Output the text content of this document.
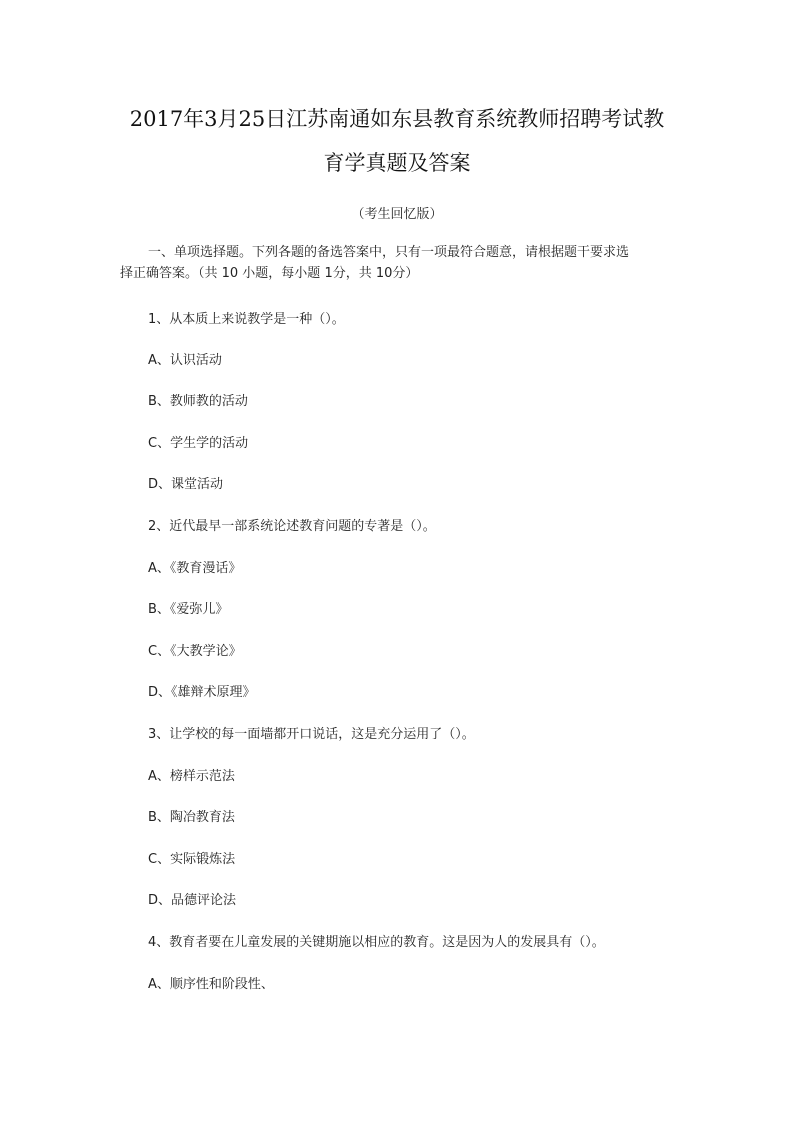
2017年3月25日江苏南通如东县教育系统教师招聘考试教
育学真题及答案
（考生回忆版）
一、单项选择题。下列各题的备选答案中，只有一项最符合题意，请根据题干要求选
择正确答案。（共 10 小题，每小题 1分，共 10分）
1、从本质上来说教学是一种（）。
A、认识活动
B、教师教的活动
C、学生学的活动
D、课堂活动
2、近代最早一部系统论述教育问题的专著是（）。
A、《教育漫话》
B、《爱弥儿》
C、《大教学论》
D、《雄辩术原理》
3、让学校的每一面墙都开口说话，这是充分运用了（）。
A、榜样示范法
B、陶冶教育法
C、实际锻炼法
D、品德评论法
4、教育者要在儿童发展的关键期施以相应的教育。这是因为人的发展具有（）。
A、顺序性和阶段性、
